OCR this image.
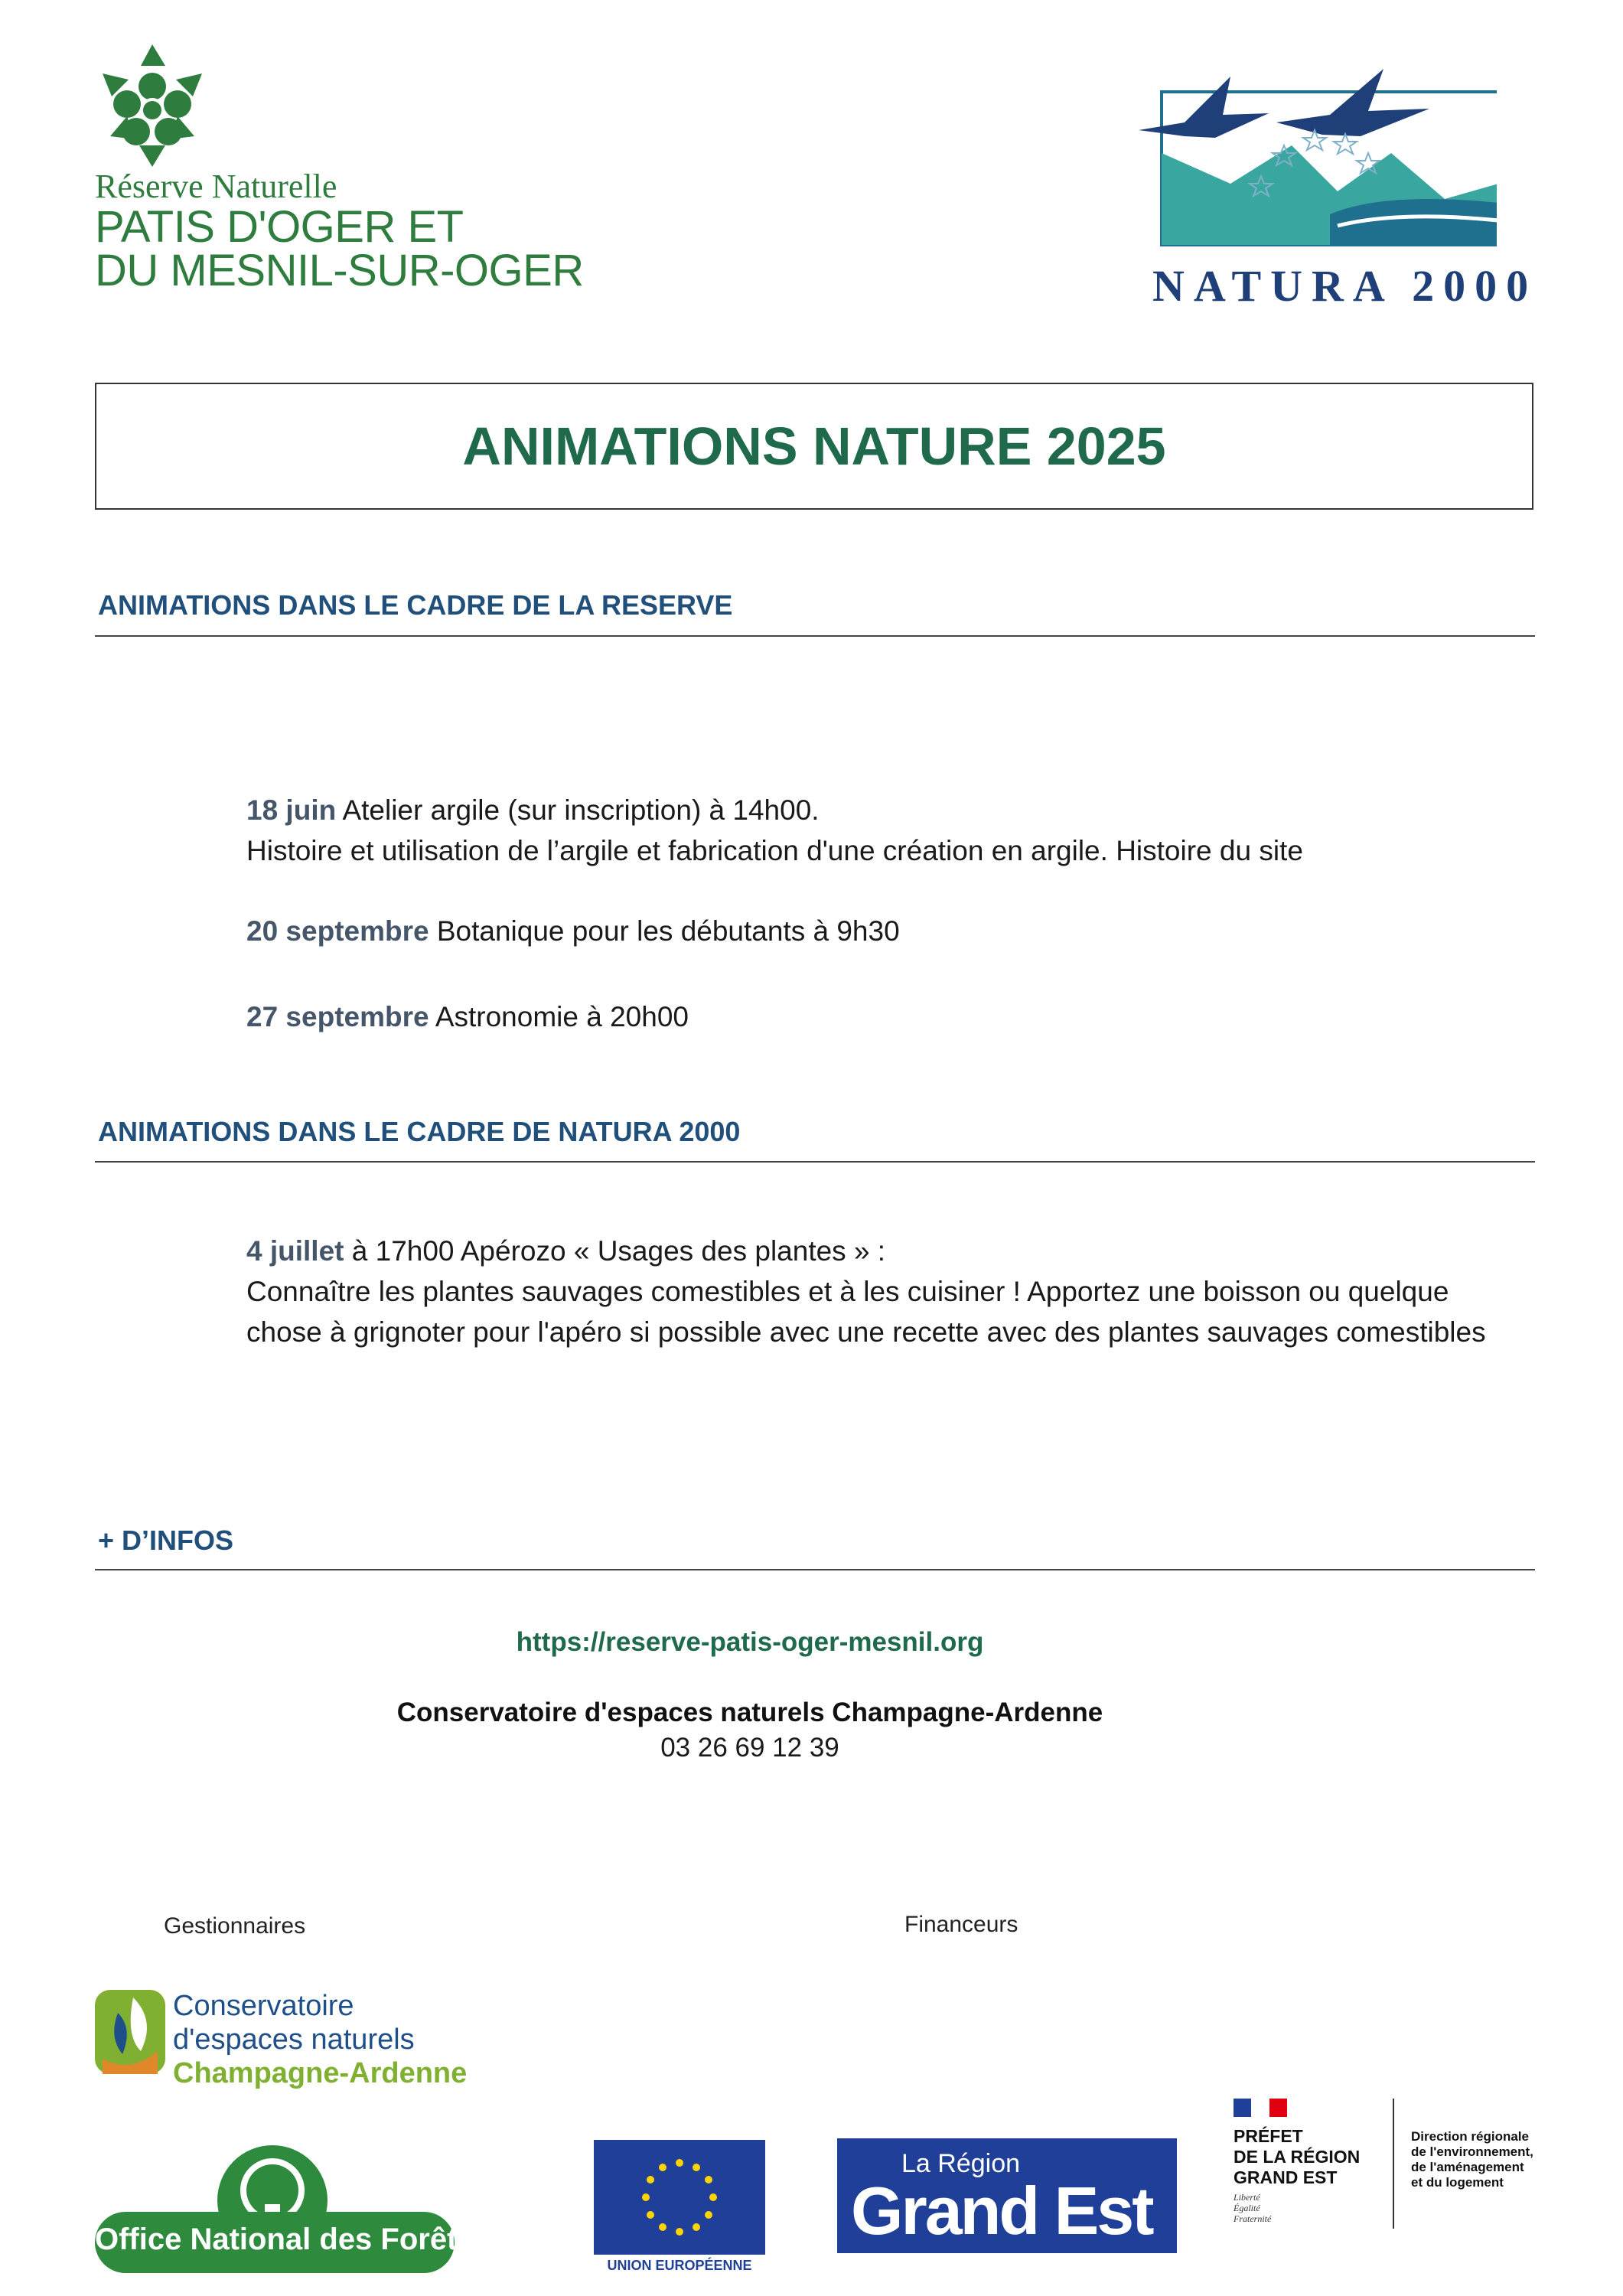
Réserve Naturelle
PATIS D'OGER ET
DU MESNIL-SUR-OGER	NATURA 2000
ANIMATIONS NATURE 2025
ANIMATIONS DANS LE CADRE DE LA RESERVE
18 juin Atelier argile (sur inscription) à 14h00.
Histoire et utilisation de l’argile et fabrication d'une création en argile. Histoire du site
20 septembre Botanique pour les débutants à 9h30
27 septembre Astronomie à 20h00
ANIMATIONS DANS LE CADRE DE NATURA 2000
4 juillet à 17h00 Apérozo « Usages des plantes » :
Connaître les plantes sauvages comestibles et à les cuisiner ! Apportez une boisson ou quelque chose à grignoter pour l'apéro si possible avec une recette avec des plantes sauvages comestibles
+ D’INFOS
https://reserve-patis-oger-mesnil.org
Conservatoire d'espaces naturels Champagne-Ardenne
03 26 69 12 39
Gestionnaires	Financeurs
Conservatoire
d'espaces naturels
Champagne-Ardenne
Office National des Forêts
UNION EUROPÉENNE
La Région
Grand Est
PRÉFET
DE LA RÉGION
GRAND EST
Liberté
Égalité
Fraternité
Direction régionale
de l'environnement,
de l'aménagement
et du logement
